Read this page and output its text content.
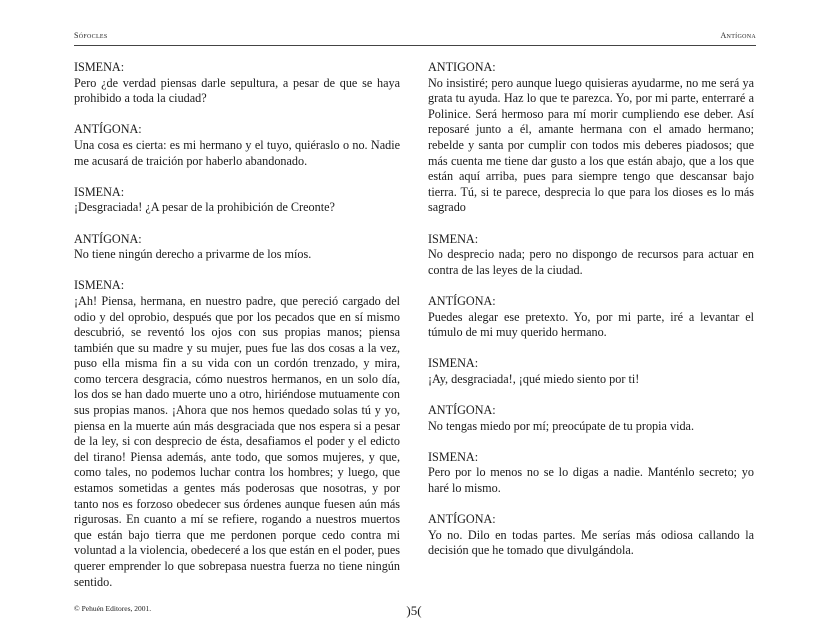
Sófocles	Antígona
ISMENA:
Pero ¿de verdad piensas darle sepultura, a pesar de que se haya prohibido a toda la ciudad?
ANTÍGONA:
Una cosa es cierta: es mi hermano y el tuyo, quiéraslo o no. Nadie me acusará de traición por haberlo abandonado.
ISMENA:
¡Desgraciada! ¿A pesar de la prohibición de Creonte?
ANTÍGONA:
No tiene ningún derecho a privarme de los míos.
ISMENA:
¡Ah! Piensa, hermana, en nuestro padre, que pereció cargado del odio y del oprobio, después que por los pecados que en sí mismo descubrió, se reventó los ojos con sus propias manos; piensa también que su madre y su mujer, pues fue las dos cosas a la vez, puso ella misma fin a su vida con un cordón trenzado, y mira, como tercera desgracia, cómo nuestros hermanos, en un solo día, los dos se han dado muerte uno a otro, hiriéndose mutuamente con sus propias manos. ¡Ahora que nos hemos quedado solas tú y yo, piensa en la muerte aún más desgraciada que nos espera si a pesar de la ley, si con desprecio de ésta, desafiamos el poder y el edicto del tirano! Piensa además, ante todo, que somos mujeres, y que, como tales, no podemos luchar contra los hombres; y luego, que estamos sometidas a gentes más poderosas que nosotras, y por tanto nos es forzoso obedecer sus órdenes aunque fuesen aún más rigurosas. En cuanto a mí se refiere, rogando a nuestros muertos que están bajo tierra que me perdonen porque cedo contra mi voluntad a la violencia, obedeceré a los que están en el poder, pues querer emprender lo que sobrepasa nuestra fuerza no tiene ningún sentido.
ANTIGONA:
No insistiré; pero aunque luego quisieras ayudarme, no me será ya grata tu ayuda. Haz lo que te parezca. Yo, por mi parte, enterraré a Polinice. Será hermoso para mí morir cumpliendo ese deber. Así reposaré junto a él, amante hermana con el amado hermano; rebelde y santa por cumplir con todos mis deberes piadosos; que más cuenta me tiene dar gusto a los que están abajo, que a los que están aquí arriba, pues para siempre tengo que descansar bajo tierra. Tú, si te parece, desprecia lo que para los dioses es lo más sagrado
ISMENA:
No desprecio nada; pero no dispongo de recursos para actuar en contra de las leyes de la ciudad.
ANTÍGONA:
Puedes alegar ese pretexto. Yo, por mi parte, iré a levantar el túmulo de mi muy querido hermano.
ISMENA:
¡Ay, desgraciada!, ¡qué miedo siento por ti!
ANTÍGONA:
No tengas miedo por mí; preocúpate de tu propia vida.
ISMENA:
Pero por lo menos no se lo digas a nadie. Manténlo secreto; yo haré lo mismo.
ANTÍGONA:
Yo no. Dilo en todas partes. Me serías más odiosa callando la decisión que he tomado que divulgándola.
© Pehuén Editores, 2001.	)5(
